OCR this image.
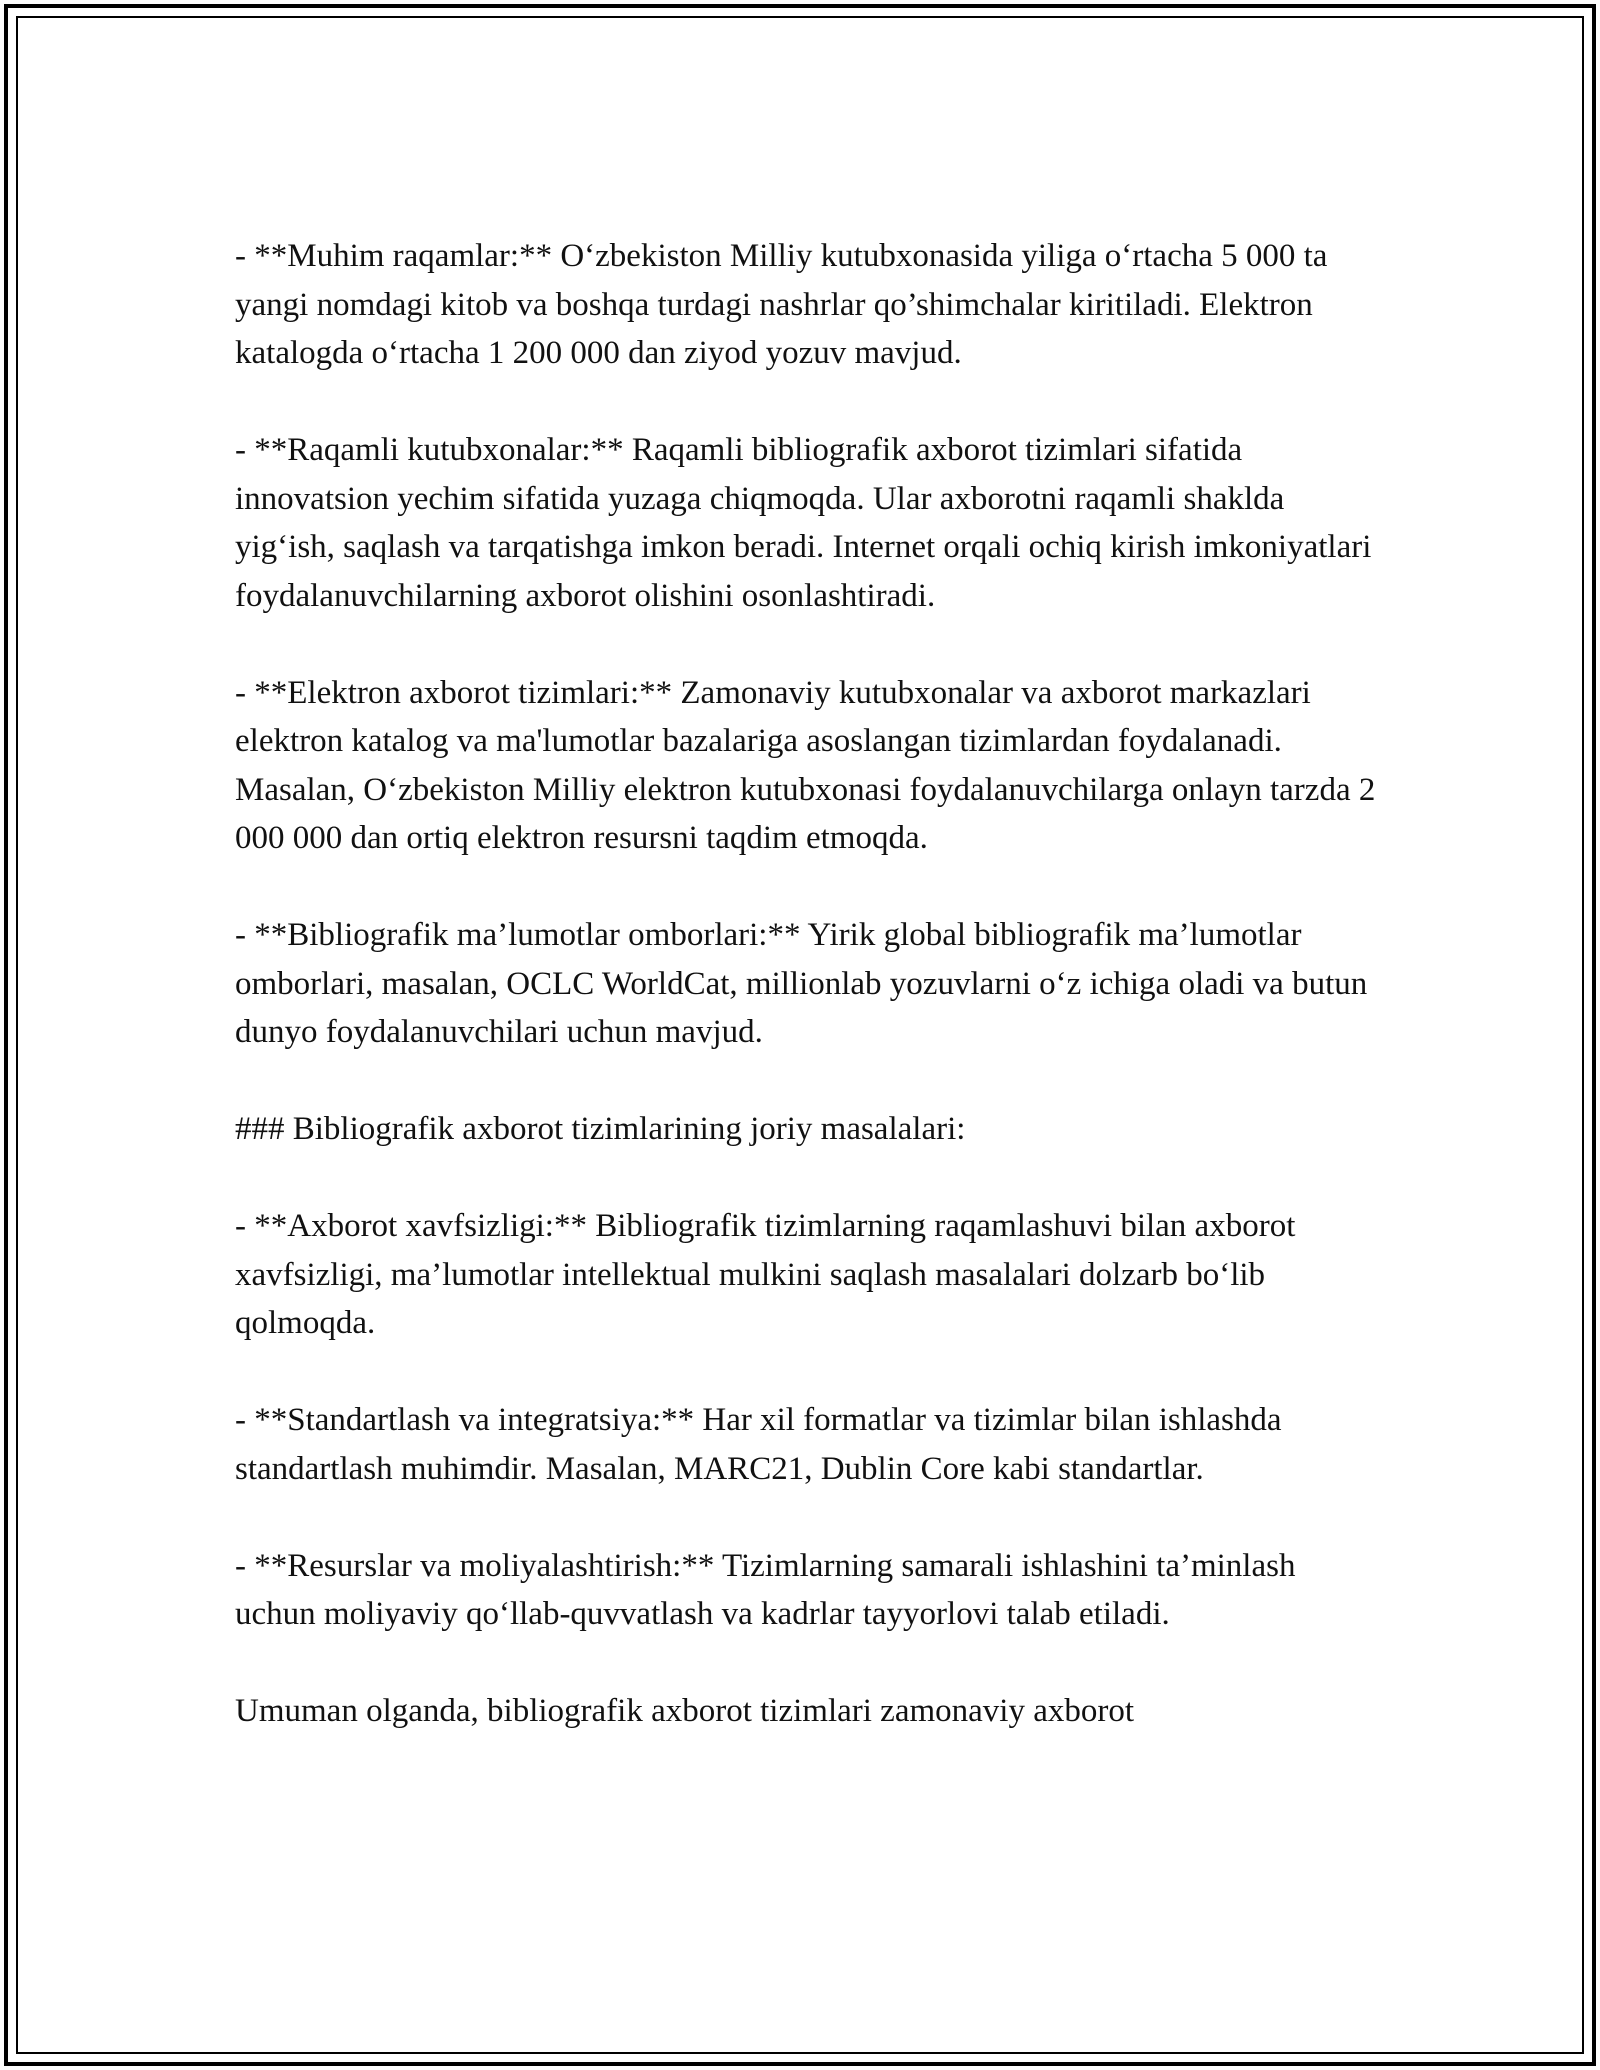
- **Muhim raqamlar:** O‘zbekiston Milliy kutubxonasida yiliga o‘rtacha 5 000 ta yangi nomdagi kitob va boshqa turdagi nashrlar qo’shimchalar kiritiladi. Elektron katalogda o‘rtacha 1 200 000 dan ziyod yozuv mavjud.

- **Raqamli kutubxonalar:** Raqamli bibliografik axborot tizimlari sifatida innovatsion yechim sifatida yuzaga chiqmoqda. Ular axborotni raqamli shaklda yig‘ish, saqlash va tarqatishga imkon beradi. Internet orqali ochiq kirish imkoniyatlari foydalanuvchilarning axborot olishini osonlashtiradi.

- **Elektron axborot tizimlari:** Zamonaviy kutubxonalar va axborot markazlari elektron katalog va ma'lumotlar bazalariga asoslangan tizimlardan foydalanadi. Masalan, O‘zbekiston Milliy elektron kutubxonasi foydalanuvchilarga onlayn tarzda 2 000 000 dan ortiq elektron resursni taqdim etmoqda.

- **Bibliografik ma’lumotlar omborlari:** Yirik global bibliografik ma’lumotlar omborlari, masalan, OCLC WorldCat, millionlab yozuvlarni o‘z ichiga oladi va butun dunyo foydalanuvchilari uchun mavjud.

### Bibliografik axborot tizimlarining joriy masalalari:

- **Axborot xavfsizligi:** Bibliografik tizimlarning raqamlashuvi bilan axborot xavfsizligi, ma’lumotlar intellektual mulkini saqlash masalalari dolzarb bo‘lib qolmoqda.

- **Standartlash va integratsiya:** Har xil formatlar va tizimlar bilan ishlashda standartlash muhimdir. Masalan, MARC21, Dublin Core kabi standartlar.

- **Resurslar va moliyalashtirish:** Tizimlarning samarali ishlashini ta’minlash uchun moliyaviy qo‘llab-quvvatlash va kadrlar tayyorlovi talab etiladi.

Umuman olganda, bibliografik axborot tizimlari zamonaviy axborot
